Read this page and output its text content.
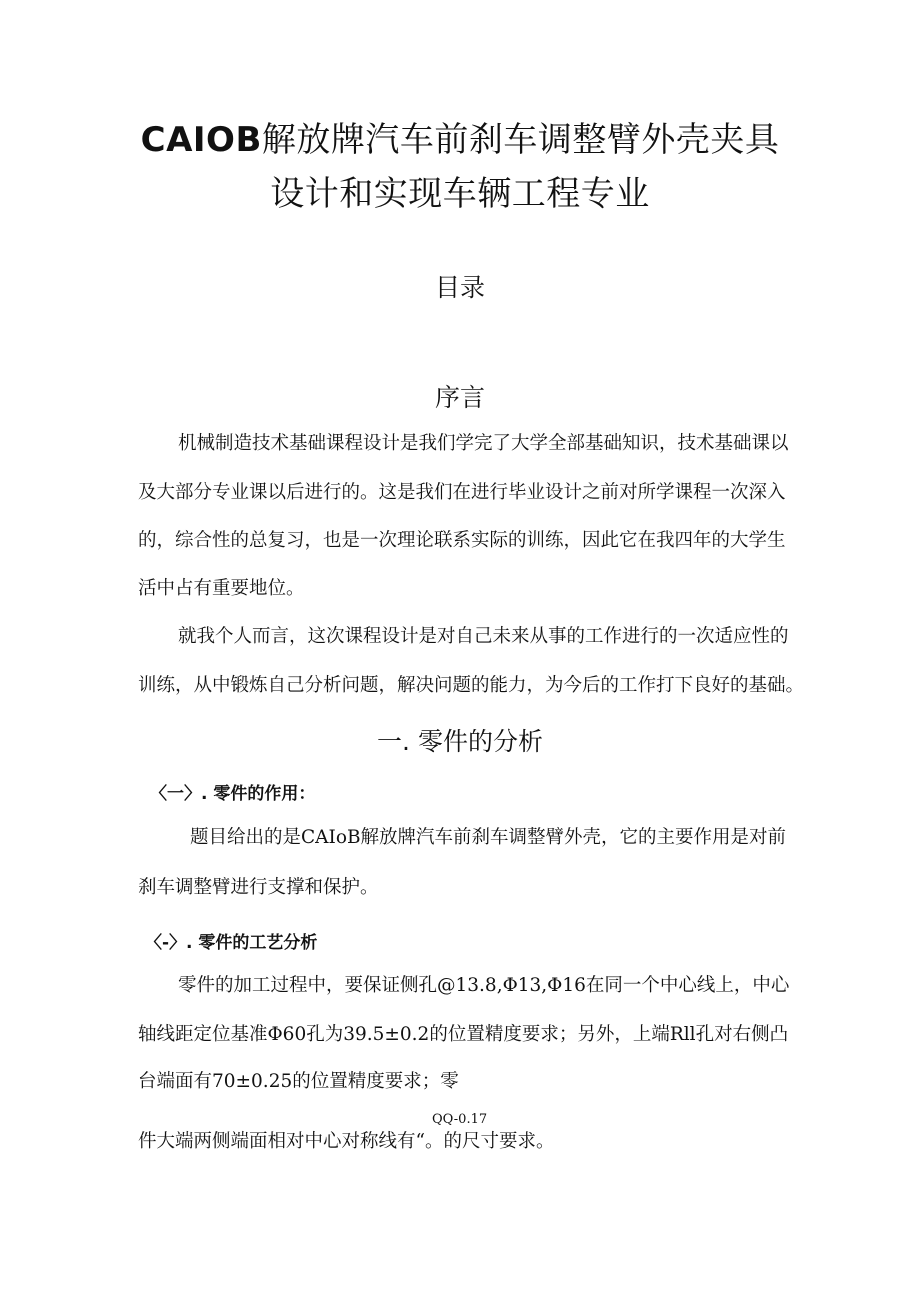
CAIOB解放牌汽车前刹车调整臂外壳夹具
设计和实现车辆工程专业
目录
序言

机械制造技术基础课程设计是我们学完了大学全部基础知识，技术基础课以

及大部分专业课以后进行的。这是我们在进行毕业设计之前对所学课程一次深入

的，综合性的总复习，也是一次理论联系实际的训练，因此它在我四年的大学生

活中占有重要地位。

就我个人而言，这次课程设计是对自己未来从事的工作进行的一次适应性的

训练，从中锻炼自己分析问题，解决问题的能力，为今后的工作打下良好的基础。

一. 零件的分析
〈一〉. 零件的作用：

题目给出的是CAIoB解放牌汽车前刹车调整臂外壳，它的主要作用是对前

刹车调整臂进行支撑和保护。

〈-〉. 零件的工艺分析

零件的加工过程中，要保证侧孔@13.8,Φ13,Φ16在同一个中心线上，中心

轴线距定位基准Φ60孔为39.5±0.2的位置精度要求；另外，上端Rll孔对右侧凸

台端面有70±0.25的位置精度要求；零

QQ-0.17

件大端两侧端面相对中心对称线有“。的尺寸要求。
